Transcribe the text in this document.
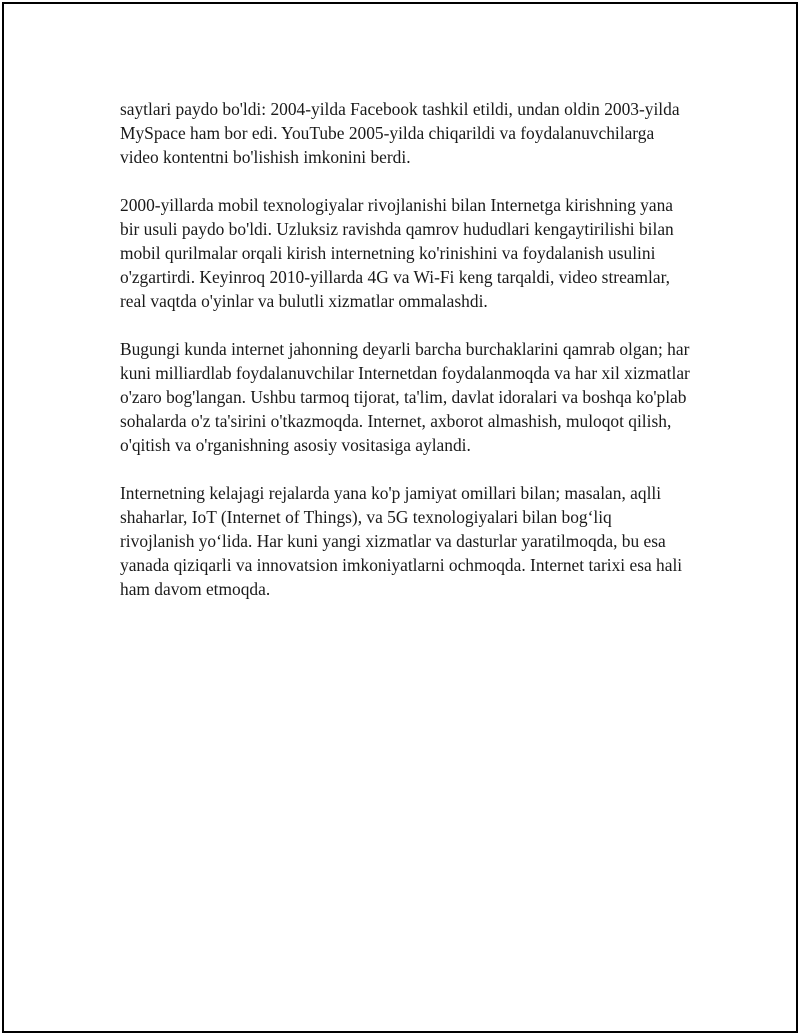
saytlari paydo bo'ldi: 2004-yilda Facebook tashkil etildi, undan oldin 2003-yilda MySpace ham bor edi. YouTube 2005-yilda chiqarildi va foydalanuvchilarga video kontentni bo'lishish imkonini berdi.

2000-yillarda mobil texnologiyalar rivojlanishi bilan Internetga kirishning yana bir usuli paydo bo'ldi. Uzluksiz ravishda qamrov hududlari kengaytirilishi bilan mobil qurilmalar orqali kirish internetning ko'rinishini va foydalanish usulini o'zgartirdi. Keyinroq 2010-yillarda 4G va Wi-Fi keng tarqaldi, video streamlar, real vaqtda o'yinlar va bulutli xizmatlar ommalashdi.

Bugungi kunda internet jahonning deyarli barcha burchaklarini qamrab olgan; har kuni milliardlab foydalanuvchilar Internetdan foydalanmoqda va har xil xizmatlar o'zaro bog'langan. Ushbu tarmoq tijorat, ta'lim, davlat idoralari va boshqa ko'plab sohalarda o'z ta'sirini o'tkazmoqda. Internet, axborot almashish, muloqot qilish, o'qitish va o'rganishning asosiy vositasiga aylandi.

Internetning kelajagi rejalarda yana ko'p jamiyat omillari bilan; masalan, aqlli shaharlar, IoT (Internet of Things), va 5G texnologiyalari bilan bog‘liq rivojlanish yo‘lida. Har kuni yangi xizmatlar va dasturlar yaratilmoqda, bu esa yanada qiziqarli va innovatsion imkoniyatlarni ochmoqda. Internet tarixi esa hali ham davom etmoqda.
